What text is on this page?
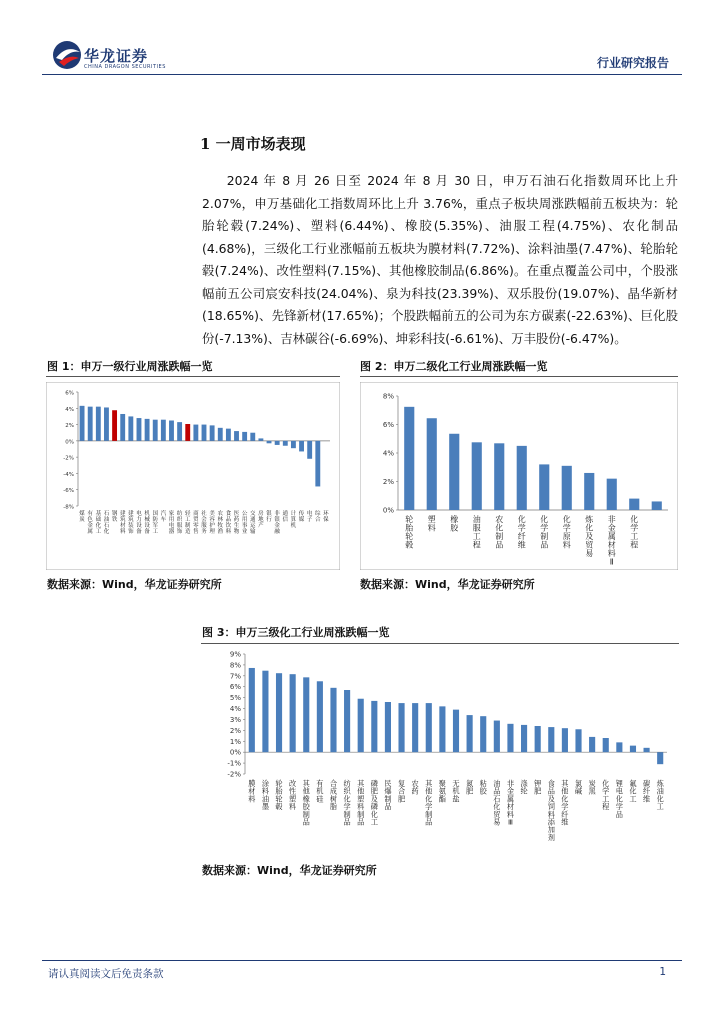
华龙证券
CHINA DRAGON SECURITIES	行业研究报告
1 一周市场表现
2024 年 8 月 26 日至 2024 年 8 月 30 日，申万石油石化指数周环比上升 2.07%，申万基础化工指数周环比上升 3.76%，重点子板块周涨跌幅前五板块为：轮胎轮毂(7.24%)、塑料(6.44%)、橡胶(5.35%)、油服工程(4.75%)、农化制品(4.68%)，三级化工行业涨幅前五板块为膜材料(7.72%)、涂料油墨(7.47%)、轮胎轮毂(7.24%)、改性塑料(7.15%)、其他橡胶制品(6.86%)。在重点覆盖公司中，个股涨幅前五公司宸安科技(24.04%)、泉为科技(23.39%)、双乐股份(19.07%)、晶华新材(18.65%)、先锋新材(17.65%)；个股跌幅前五的公司为东方碳素(-22.63%)、巨化股份(-7.13%)、吉林碳谷(-6.69%)、坤彩科技(-6.61%)、万丰股份(-6.47%)。
图 1：申万一级行业周涨跌幅一览
6%
4%
2%
0%
-2%
-4%
-6%
-8%
煤炭
有色金属
基础化工
石油石化
钢铁
建筑材料
建筑装饰
电力设备
机械设备
国防军工
汽车
家用电器
纺织服饰
轻工制造
商贸零售
社会服务
美容护理
农林牧渔
食品饮料
医药生物
公用事业
交通运输
房地产
银行
非银金融
通信
计算机
传媒
电子
综合
环保
数据来源：Wind，华龙证券研究所
图 2：申万二级化工行业周涨跌幅一览
8%
6%
4%
2%
0%
轮胎轮毂
塑料
橡胶
油服工程
农化制品
化学纤维
化学制品
化学原料
炼化及贸易
非金属材料 Ⅱ
化学工程
数据来源：Wind，华龙证券研究所
图 3：申万三级化工行业周涨跌幅一览
9%
8%
7%
6%
5%
4%
3%
2%
1%
0%
-1%
-2%
膜材料
涂料油墨
轮胎轮毂
改性塑料
其他橡胶制品
有机硅
合成树脂
纺织化学制品
其他塑料制品
磷肥及磷化工
民爆制品
复合肥
农药
其他化学制品
聚氨酯
无机盐
氮肥
粘胶
油品石化贸易
非金属材料 Ⅲ
涤纶
钾肥
食品及饲料添加剂
其他化学纤维
氯碱
炭黑
化学工程
锂电化学品
氟化工
碳纤维
炼油化工
数据来源：Wind，华龙证券研究所
请认真阅读文后免责条款	1
